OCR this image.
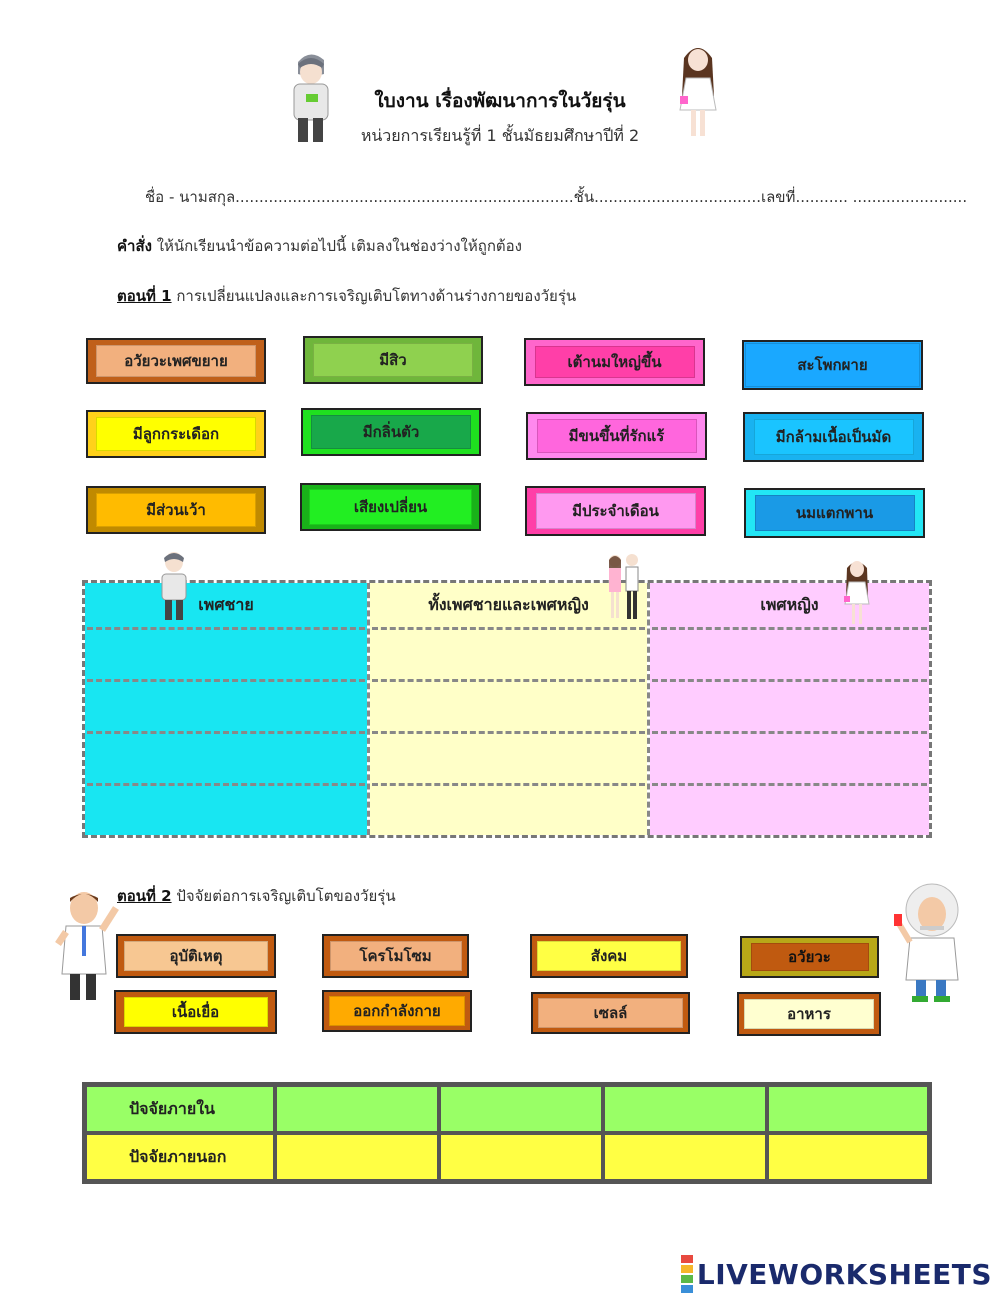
ใบงาน เรื่องพัฒนาการในวัยรุ่น
หน่วยการเรียนรู้ที่ 1 ชั้นมัธยมศึกษาปีที่ 2
ชื่อ - นามสกุล.......................................................................ชั้น...................................เลขที่........... ........................
คำสั่ง ให้นักเรียนนำข้อความต่อไปนี้ เติมลงในช่องว่างให้ถูกต้อง
ตอนที่ 1 การเปลี่ยนแปลงและการเจริญเติบโตทางด้านร่างกายของวัยรุ่น
อวัยวะเพศขยาย	มีสิว	เต้านมใหญ่ขึ้น	สะโพกผาย
มีลูกกระเดือก	มีกลิ่นตัว	มีขนขึ้นที่รักแร้	มีกล้ามเนื้อเป็นมัด
มีส่วนเว้า	เสียงเปลี่ยน	มีประจำเดือน	นมแตกพาน
เพศชาย	ทั้งเพศชายและเพศหญิง	เพศหญิง
ตอนที่ 2 ปัจจัยต่อการเจริญเติบโตของวัยรุ่น
อุบัติเหตุ	โครโมโซม	สังคม	อวัยวะ
เนื้อเยื่อ	ออกกำลังกาย	เซลล์	อาหาร
ปัจจัยภายใน
ปัจจัยภายนอก
LIVEWORKSHEETS
